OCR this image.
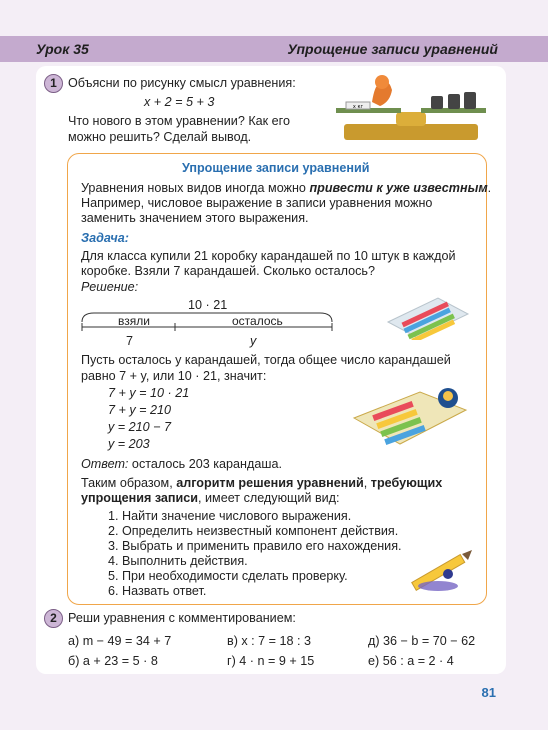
Урок 35	Упрощение записи уравнений
1 Объясни по рисунку смысл уравнения:
x + 2 = 5 + 3
Что нового в этом уравнении? Как его
можно решить? Сделай вывод.
x кг
Упрощение записи уравнений
Уравнения новых видов иногда можно привести к уже известным.
Например, числовое выражение в записи уравнения можно
заменить значением этого выражения.
Задача:
Для класса купили 21 коробку карандашей по 10 штук в каждой
коробке. Взяли 7 карандашей. Сколько осталось?
Решение:
10 · 21
взяли	осталось
7	y
Пусть осталось y карандашей, тогда общее число карандашей
равно 7 + y, или 10 · 21, значит:
7 + y = 10 · 21
7 + y = 210
y = 210 − 7
y = 203
Ответ: осталось 203 карандаша.
Таким образом, алгоритм решения уравнений, требующих
упрощения записи, имеет следующий вид:
1. Найти значение числового выражения.
2. Определить неизвестный компонент действия.
3. Выбрать и применить правило его нахождения.
4. Выполнить действия.
5. При необходимости сделать проверку.
6. Назвать ответ.
2 Реши уравнения с комментированием:
а) m − 49 = 34 + 7	в) x : 7 = 18 : 3	д) 36 − b = 70 − 62
б) a + 23 = 5 · 8	г) 4 · n = 9 + 15	е) 56 : a = 2 · 4
81
